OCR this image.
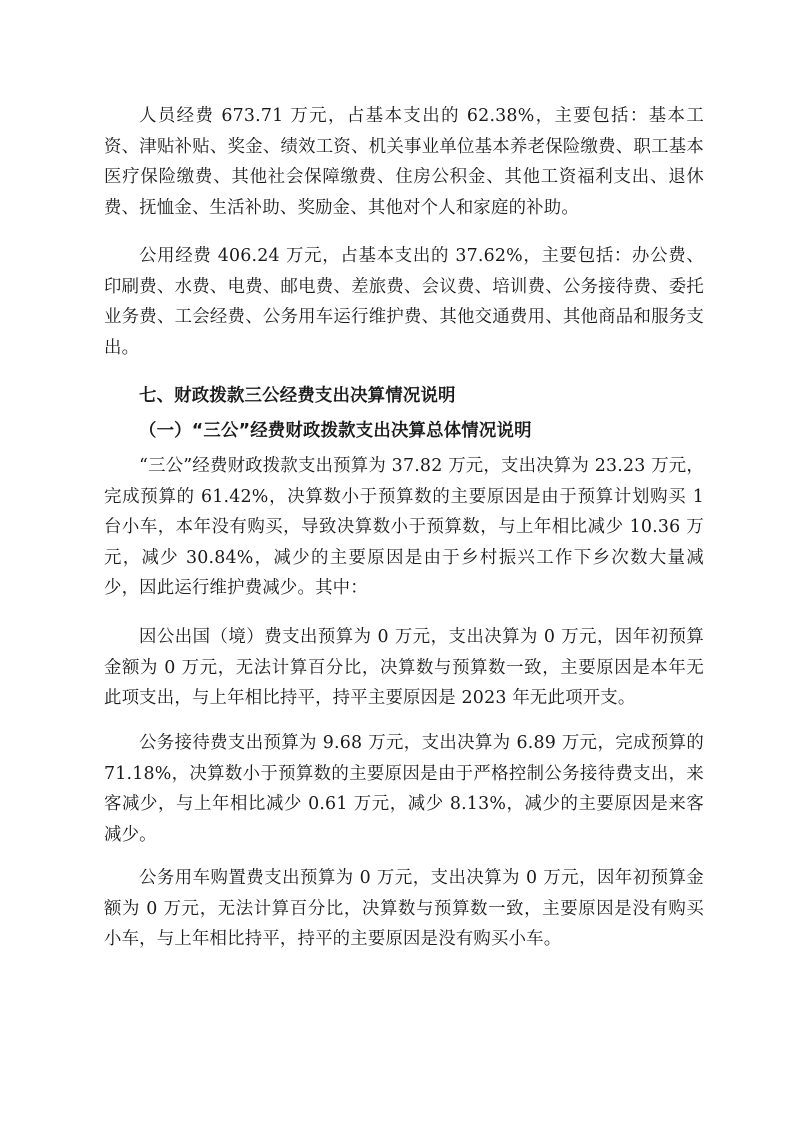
人员经费 673.71 万元，占基本支出的 62.38%，主要包括：基本工资、津贴补贴、奖金、绩效工资、机关事业单位基本养老保险缴费、职工基本医疗保险缴费、其他社会保障缴费、住房公积金、其他工资福利支出、退休费、抚恤金、生活补助、奖励金、其他对个人和家庭的补助。

公用经费 406.24 万元，占基本支出的 37.62%，主要包括：办公费、印刷费、水费、电费、邮电费、差旅费、会议费、培训费、公务接待费、委托业务费、工会经费、公务用车运行维护费、其他交通费用、其他商品和服务支出。

七、财政拨款三公经费支出决算情况说明
（一）“三公”经费财政拨款支出决算总体情况说明

“三公”经费财政拨款支出预算为 37.82 万元，支出决算为 23.23 万元，完成预算的 61.42%，决算数小于预算数的主要原因是由于预算计划购买 1 台小车，本年没有购买，导致决算数小于预算数，与上年相比减少 10.36 万元，减少 30.84%，减少的主要原因是由于乡村振兴工作下乡次数大量减少，因此运行维护费减少。其中：

因公出国（境）费支出预算为 0 万元，支出决算为 0 万元，因年初预算金额为 0 万元，无法计算百分比，决算数与预算数一致，主要原因是本年无此项支出，与上年相比持平，持平主要原因是 2023 年无此项开支。

公务接待费支出预算为 9.68 万元，支出决算为 6.89 万元，完成预算的 71.18%，决算数小于预算数的主要原因是由于严格控制公务接待费支出，来客减少，与上年相比减少 0.61 万元，减少 8.13%，减少的主要原因是来客减少。

公务用车购置费支出预算为 0 万元，支出决算为 0 万元，因年初预算金额为 0 万元，无法计算百分比，决算数与预算数一致，主要原因是没有购买小车，与上年相比持平，持平的主要原因是没有购买小车。
